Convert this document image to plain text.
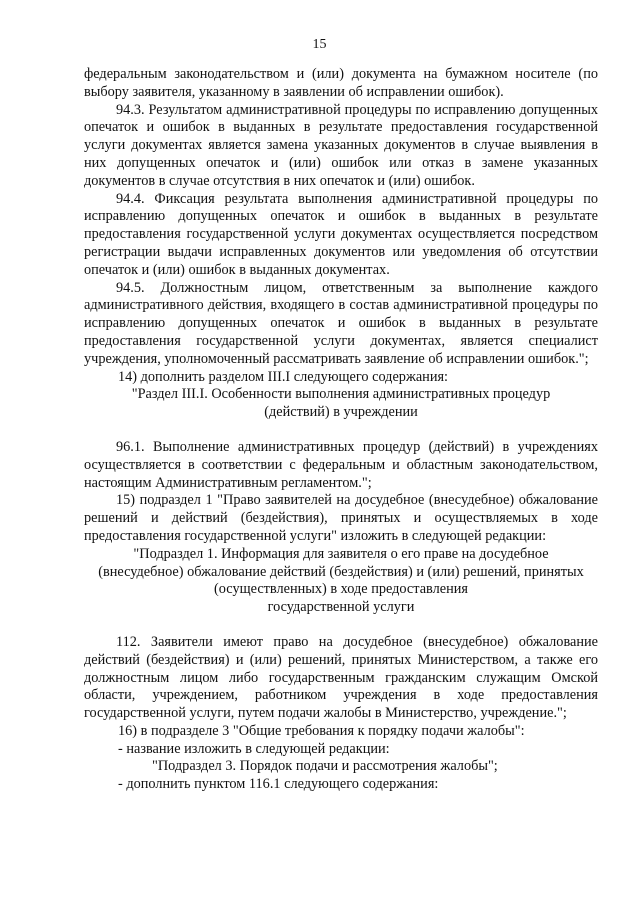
15

федеральным законодательством и (или) документа на бумажном носителе (по выбору заявителя, указанному в заявлении об исправлении ошибок).

94.3. Результатом административной процедуры по исправлению допущенных опечаток и ошибок в выданных в результате предоставления государственной услуги документах является замена указанных документов в случае выявления в них допущенных опечаток и (или) ошибок или отказ в замене указанных документов в случае отсутствия в них опечаток и (или) ошибок.

94.4. Фиксация результата выполнения административной процедуры по исправлению допущенных опечаток и ошибок в выданных в результате предоставления государственной услуги документах осуществляется посредством регистрации выдачи исправленных документов или уведомления об отсутствии опечаток и (или) ошибок в выданных документах.

94.5. Должностным лицом, ответственным за выполнение каждого административного действия, входящего в состав административной процедуры по исправлению допущенных опечаток и ошибок в выданных в результате предоставления государственной услуги документах, является специалист учреждения, уполномоченный рассматривать заявление об исправлении ошибок.";

14) дополнить разделом III.I следующего содержания:

"Раздел III.I. Особенности выполнения административных процедур

(действий) в учреждении

96.1. Выполнение административных процедур (действий) в учреждениях осуществляется в соответствии с федеральным и областным законодательством, настоящим Административным регламентом.";

15) подраздел 1 "Право заявителей на досудебное (внесудебное) обжалование решений и действий (бездействия), принятых и осуществляемых в ходе предоставления государственной услуги" изложить в следующей редакции:

"Подраздел 1. Информация для заявителя о его праве на досудебное

(внесудебное) обжалование действий (бездействия) и (или) решений, принятых

(осуществленных) в ходе предоставления

государственной услуги

112. Заявители имеют право на досудебное (внесудебное) обжалование действий (бездействия) и (или) решений, принятых Министерством, а также его должностным лицом либо государственным гражданским служащим Омской области, учреждением, работником учреждения в ходе предоставления государственной услуги, путем подачи жалобы в Министерство, учреждение.";

16) в подразделе 3 "Общие требования к порядку подачи жалобы":

- название изложить в следующей редакции:

"Подраздел 3. Порядок подачи и рассмотрения жалобы";

- дополнить пунктом 116.1 следующего содержания:
